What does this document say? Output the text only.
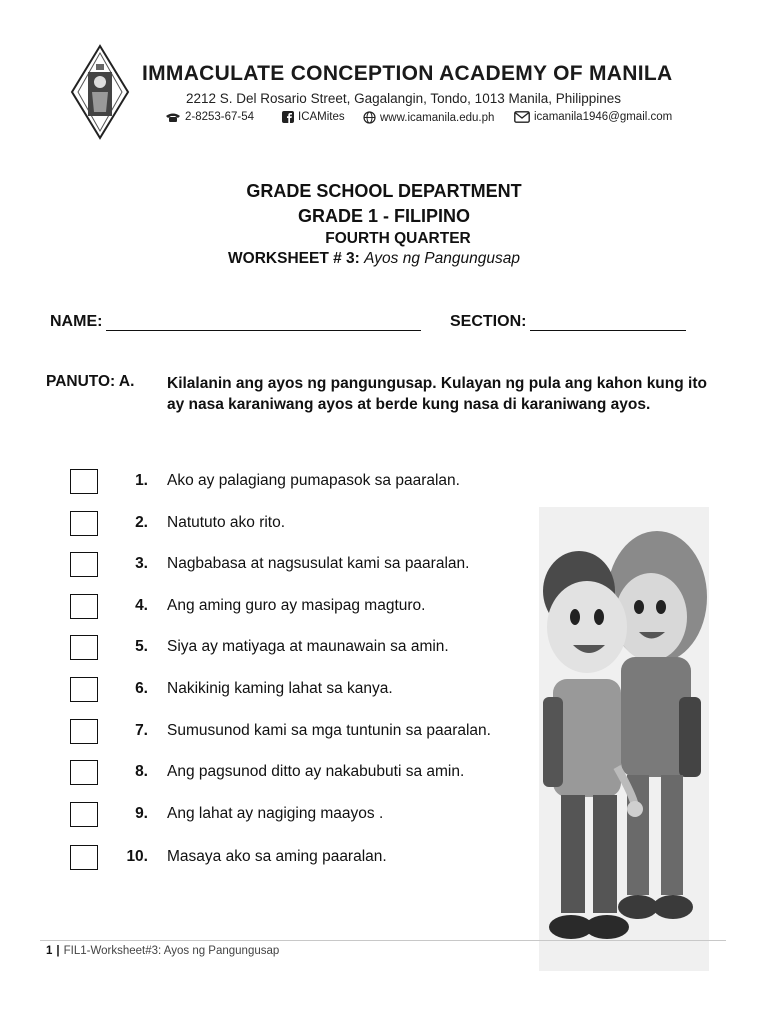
IMMACULATE CONCEPTION ACADEMY OF MANILA
2212 S. Del Rosario Street, Gagalangin, Tondo, 1013 Manila, Philippines
2-8253-67-54	ICAMites	www.icamanila.edu.ph	icamanila1946@gmail.com
GRADE SCHOOL DEPARTMENT
GRADE 1 - FILIPINO
FOURTH QUARTER
WORKSHEET # 3: Ayos ng Pangungusap
NAME:	SECTION:
PANUTO: A. Kilalanin ang ayos ng pangungusap. Kulayan ng pula ang kahon kung ito ay nasa karaniwang ayos at berde kung nasa di karaniwang ayos.
1. Ako ay palagiang pumapasok sa paaralan.
2. Natututo ako rito.
3. Nagbabasa at nagsusulat kami sa paaralan.
4. Ang aming guro ay masipag magturo.
5. Siya ay matiyaga at maunawain sa amin.
6. Nakikinig kaming lahat sa kanya.
7. Sumusunod kami sa mga tuntunin sa paaralan.
8. Ang pagsunod ditto ay nakabubuti sa amin.
9. Ang lahat ay nagiging maayos .
10. Masaya ako sa aming paaralan.
1 | FIL1-Worksheet#3: Ayos ng Pangungusap
